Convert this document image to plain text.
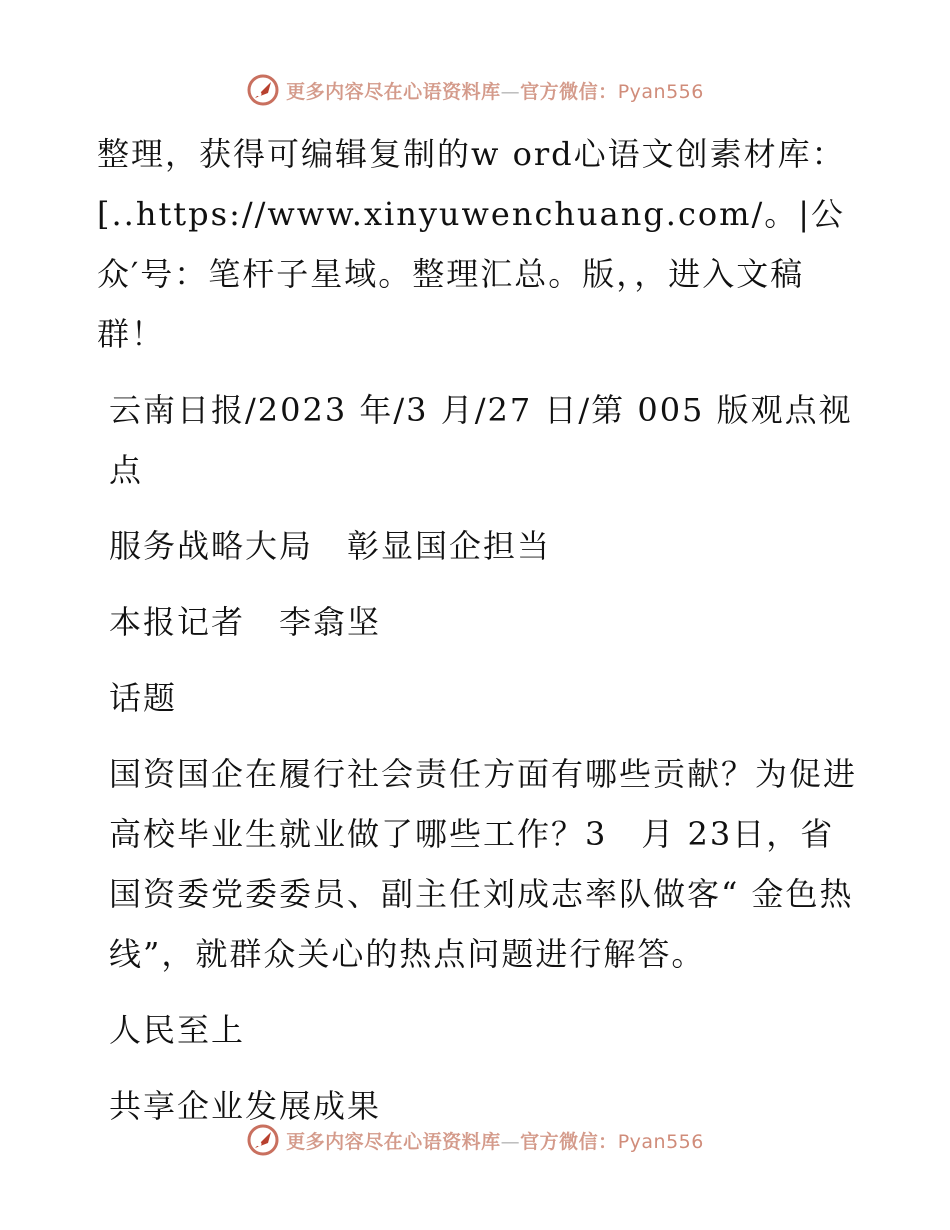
更多内容尽在心语资料库—官方微信：Pyan556

整理，获得可编辑复制的w ord心语文创素材库：[..https://www.xinyuwenchuang.com/。|公众′号：笔杆子星域。整理汇总。版，，进入文稿群！

云南日报/2023 年/3 月/27 日/第 005 版观点视点

服务战略大局　彰显国企担当

本报记者　李翕坚

话题

国资国企在履行社会责任方面有哪些贡献？为促进高校毕业生就业做了哪些工作？3　月 23日，省国资委党委委员、副主任刘成志率队做客“ 金色热线”，就群众关心的热点问题进行解答。

人民至上

共享企业发展成果

更多内容尽在心语资料库—官方微信：Pyan556
